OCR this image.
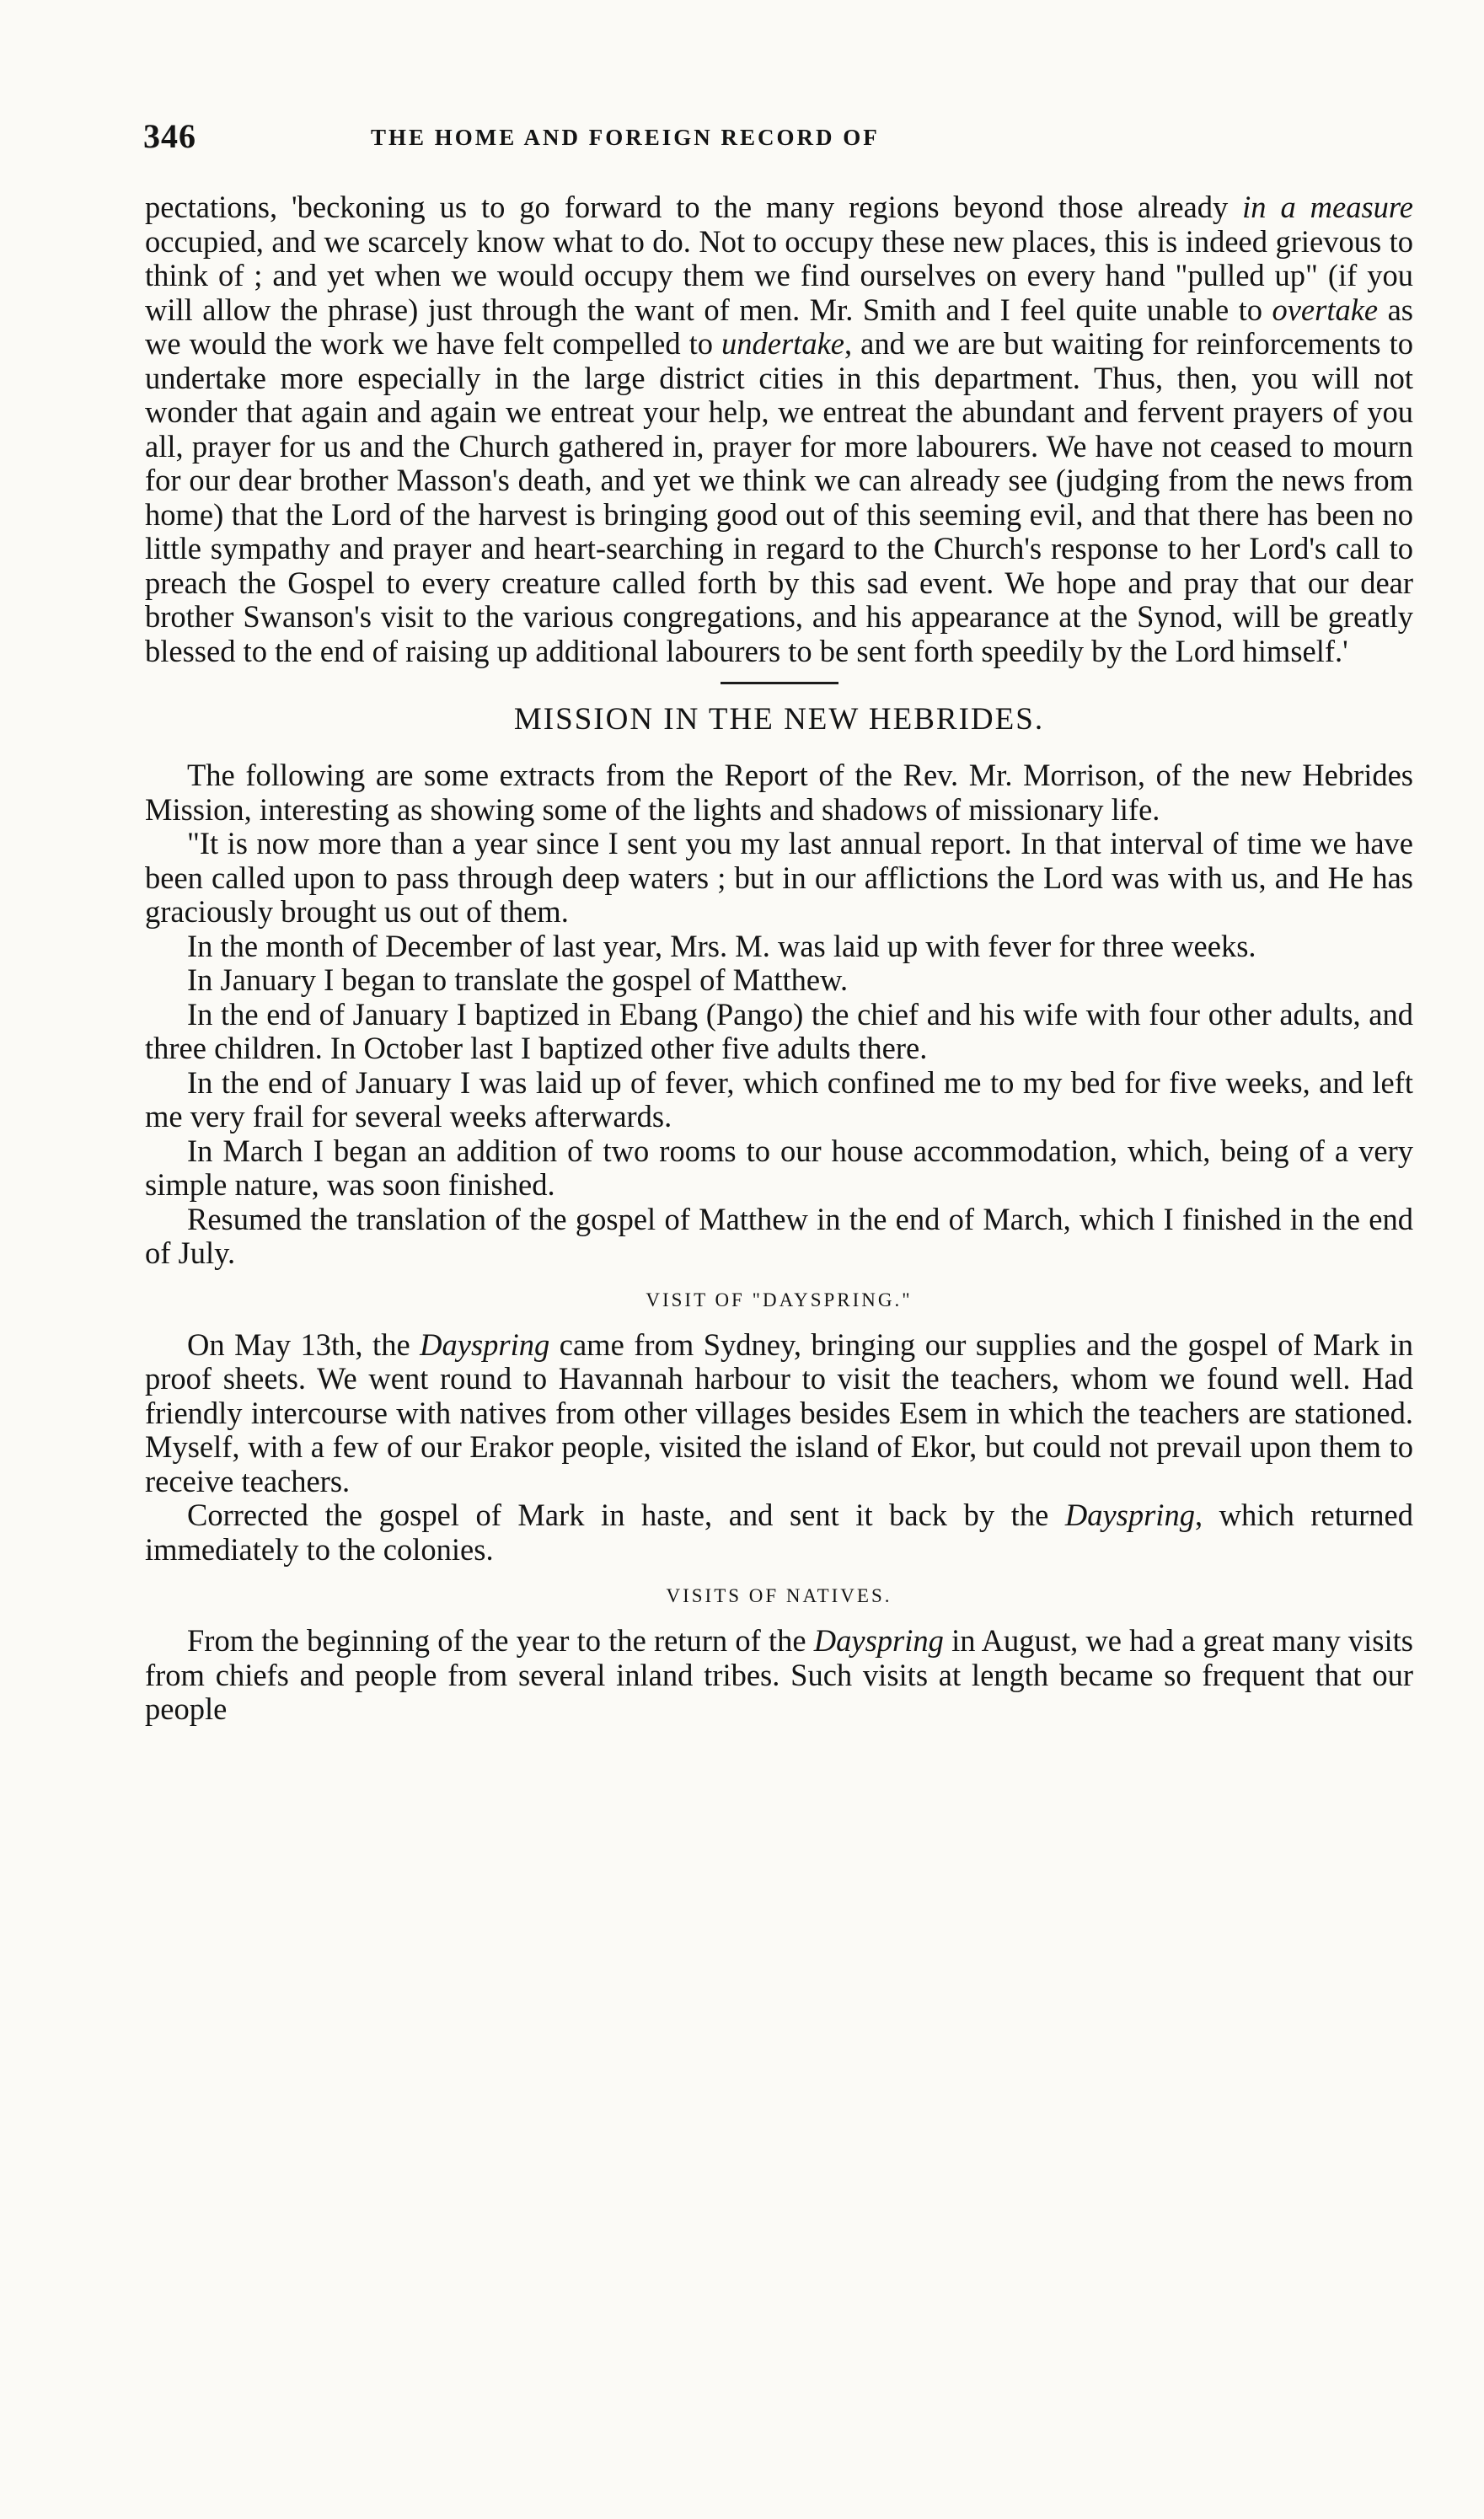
346	THE HOME AND FOREIGN RECORD OF

pectations, 'beckoning us to go forward to the many regions beyond those already in a measure occupied, and we scarcely know what to do. Not to occupy these new places, this is indeed grievous to think of ; and yet when we would occupy them we find ourselves on every hand "pulled up" (if you will allow the phrase) just through the want of men. Mr. Smith and I feel quite unable to overtake as we would the work we have felt compelled to undertake, and we are but waiting for reinforcements to undertake more especially in the large district cities in this department. Thus, then, you will not wonder that again and again we entreat your help, we entreat the abundant and fervent prayers of you all, prayer for us and the Church gathered in, prayer for more labourers. We have not ceased to mourn for our dear brother Masson's death, and yet we think we can already see (judging from the news from home) that the Lord of the harvest is bringing good out of this seeming evil, and that there has been no little sympathy and prayer and heart-searching in regard to the Church's response to her Lord's call to preach the Gospel to every creature called forth by this sad event. We hope and pray that our dear brother Swanson's visit to the various congregations, and his appearance at the Synod, will be greatly blessed to the end of raising up additional labourers to be sent forth speedily by the Lord himself.'

MISSION IN THE NEW HEBRIDES.

The following are some extracts from the Report of the Rev. Mr. Morrison, of the new Hebrides Mission, interesting as showing some of the lights and shadows of missionary life.

"It is now more than a year since I sent you my last annual report. In that interval of time we have been called upon to pass through deep waters ; but in our afflictions the Lord was with us, and He has graciously brought us out of them.

In the month of December of last year, Mrs. M. was laid up with fever for three weeks.

In January I began to translate the gospel of Matthew.

In the end of January I baptized in Ebang (Pango) the chief and his wife with four other adults, and three children. In October last I baptized other five adults there.

In the end of January I was laid up of fever, which confined me to my bed for five weeks, and left me very frail for several weeks afterwards.

In March I began an addition of two rooms to our house accommodation, which, being of a very simple nature, was soon finished.

Resumed the translation of the gospel of Matthew in the end of March, which I finished in the end of July.

VISIT OF "DAYSPRING."

On May 13th, the Dayspring came from Sydney, bringing our supplies and the gospel of Mark in proof sheets. We went round to Havannah harbour to visit the teachers, whom we found well. Had friendly intercourse with natives from other villages besides Esem in which the teachers are stationed. Myself, with a few of our Erakor people, visited the island of Ekor, but could not prevail upon them to receive teachers.

Corrected the gospel of Mark in haste, and sent it back by the Dayspring, which returned immediately to the colonies.

VISITS OF NATIVES.

From the beginning of the year to the return of the Dayspring in August, we had a great many visits from chiefs and people from several inland tribes. Such visits at length became so frequent that our people
